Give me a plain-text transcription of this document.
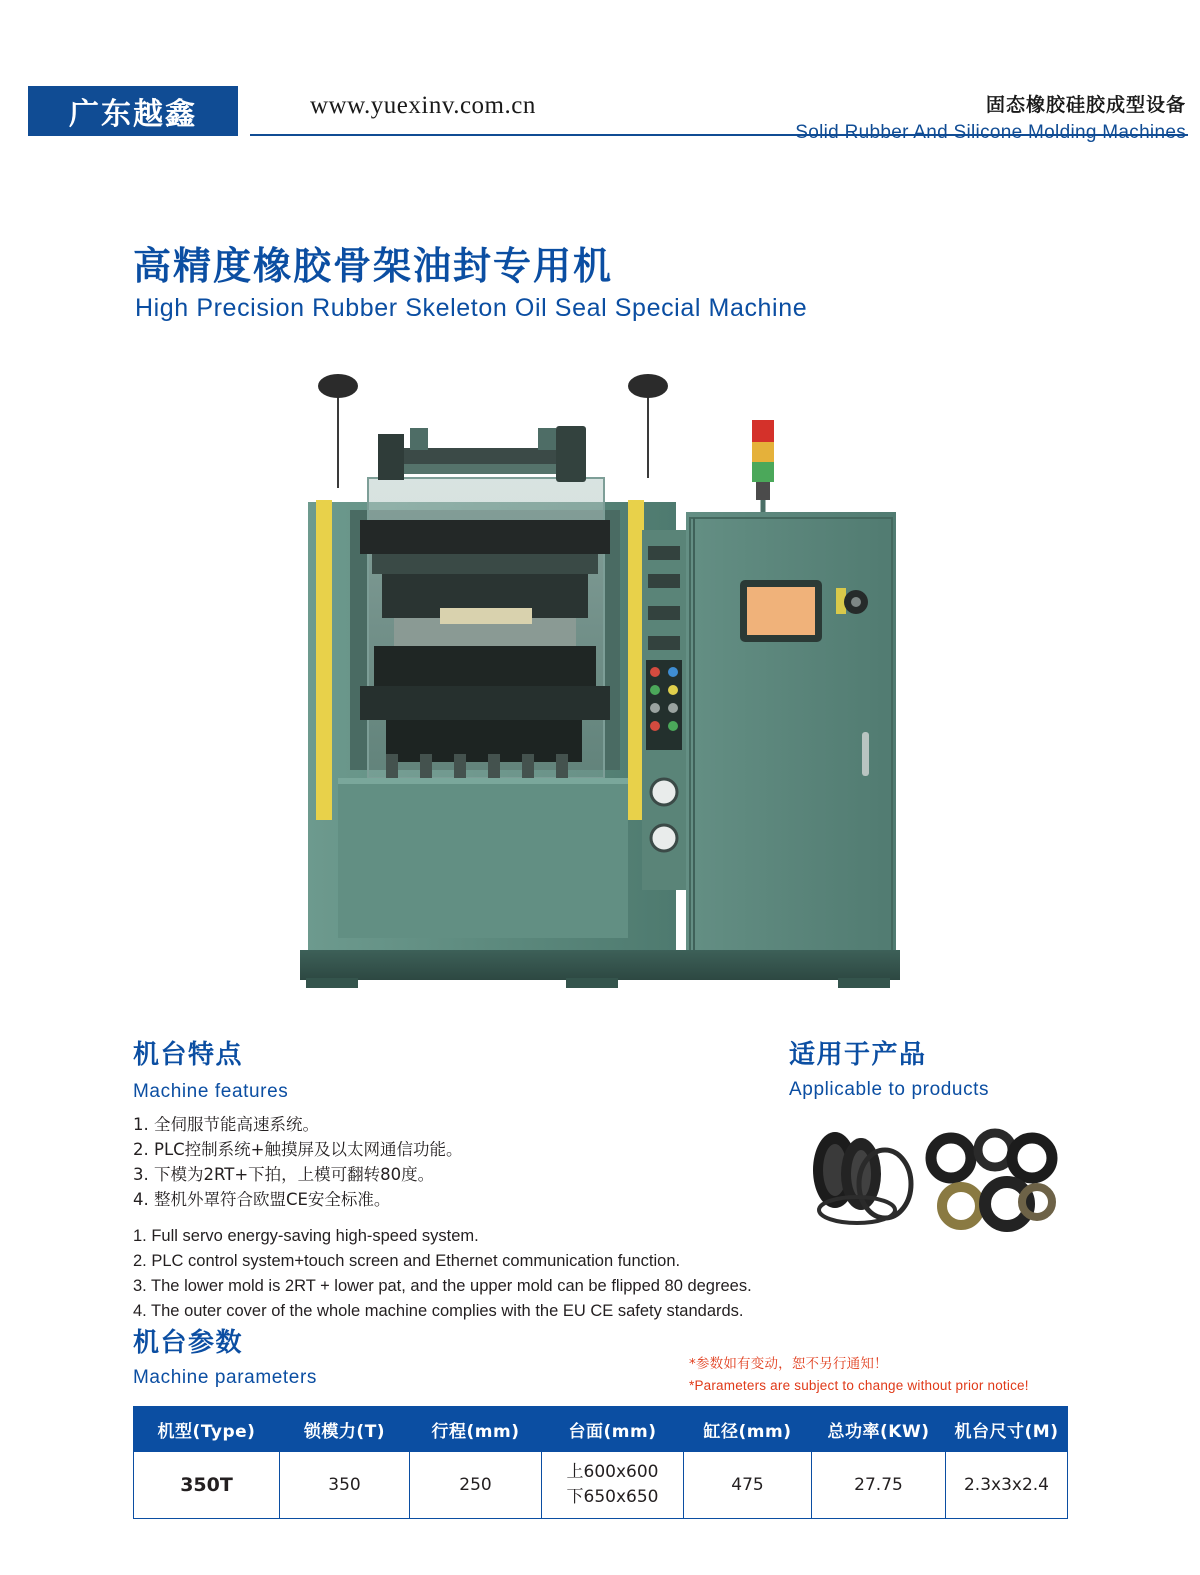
广东越鑫	www.yuexinv.com.cn	固态橡胶硅胶成型设备
Solid Rubber And Silicone Molding Machines
高精度橡胶骨架油封专用机
High Precision Rubber Skeleton Oil Seal Special Machine
机台特点
Machine features
1. 全伺服节能高速系统。
2. PLC控制系统+触摸屏及以太网通信功能。
3. 下模为2RT+下拍，上模可翻转80度。
4. 整机外罩符合欧盟CE安全标准。
1. Full servo energy-saving high-speed system.
2. PLC control system+touch screen and Ethernet communication function.
3. The lower mold is 2RT + lower pat, and the upper mold can be flipped 80 degrees.
4. The outer cover of the whole machine complies with the EU CE safety standards.
适用于产品
Applicable to products
机台参数
Machine parameters
*参数如有变动，恕不另行通知！
*Parameters are subject to change without prior notice!
机型(Type)	锁模力(T)	行程(mm)	台面(mm)	缸径(mm)	总功率(KW)	机台尺寸(M)
350T	350	250	上600x600
下650x650	475	27.75	2.3x3x2.4
